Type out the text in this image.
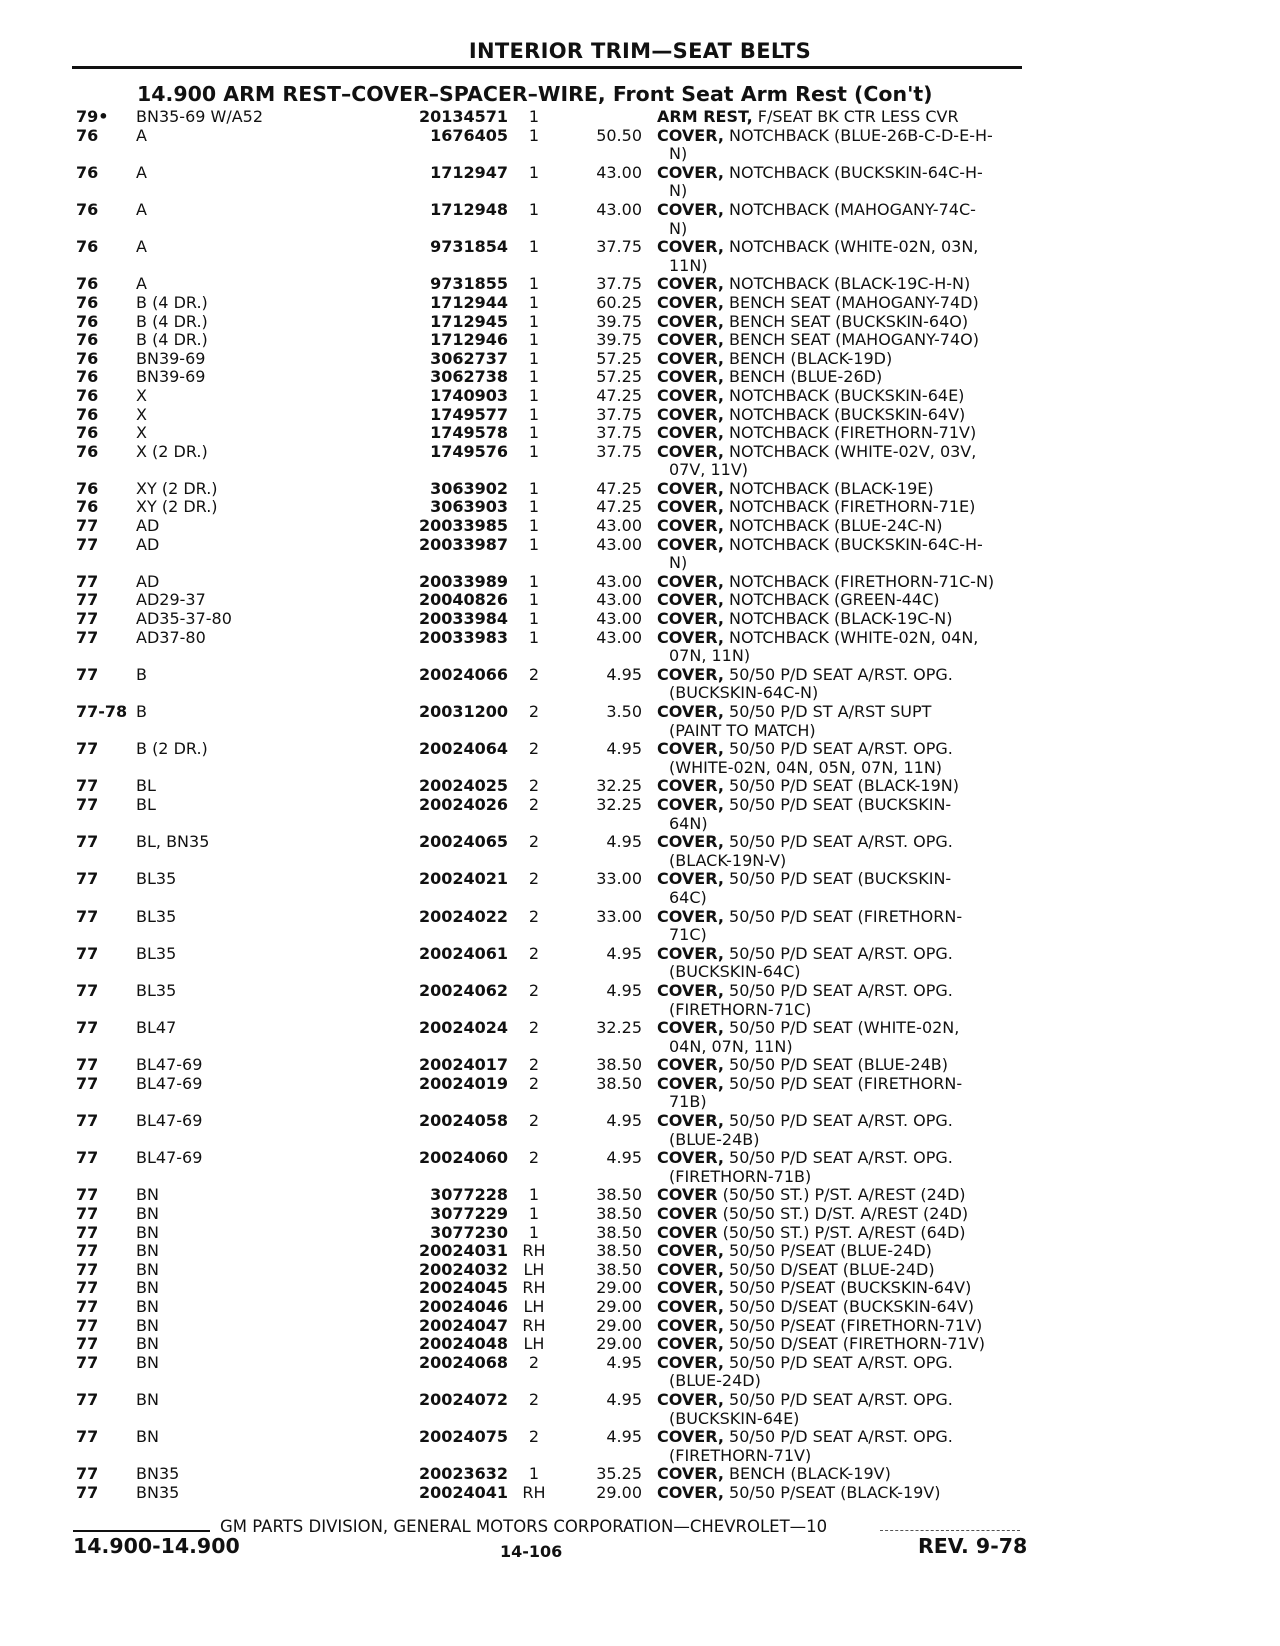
INTERIOR TRIM—SEAT BELTS
14.900 ARM REST–COVER–SPACER–WIRE, Front Seat Arm Rest (Con't)
	79•	BN35-69 W/A52	20134571	1			ARM REST, F/SEAT BK CTR LESS CVR	
	76	A	1676405	1	50.50		COVER, NOTCHBACK (BLUE-26B-C-D-E-H-	
							N)	
	76	A	1712947	1	43.00		COVER, NOTCHBACK (BUCKSKIN-64C-H-	
							N)	
	76	A	1712948	1	43.00		COVER, NOTCHBACK (MAHOGANY-74C-	
							N)	
	76	A	9731854	1	37.75		COVER, NOTCHBACK (WHITE-02N, 03N,	
							11N)	
	76	A	9731855	1	37.75		COVER, NOTCHBACK (BLACK-19C-H-N)	
	76	B (4 DR.)	1712944	1	60.25		COVER, BENCH SEAT (MAHOGANY-74D)	
	76	B (4 DR.)	1712945	1	39.75		COVER, BENCH SEAT (BUCKSKIN-64O)	
	76	B (4 DR.)	1712946	1	39.75		COVER, BENCH SEAT (MAHOGANY-74O)	
	76	BN39-69	3062737	1	57.25		COVER, BENCH (BLACK-19D)	
	76	BN39-69	3062738	1	57.25		COVER, BENCH (BLUE-26D)	
	76	X	1740903	1	47.25		COVER, NOTCHBACK (BUCKSKIN-64E)	
	76	X	1749577	1	37.75		COVER, NOTCHBACK (BUCKSKIN-64V)	
	76	X	1749578	1	37.75		COVER, NOTCHBACK (FIRETHORN-71V)	
	76	X (2 DR.)	1749576	1	37.75		COVER, NOTCHBACK (WHITE-02V, 03V,	
							07V, 11V)	
	76	XY (2 DR.)	3063902	1	47.25		COVER, NOTCHBACK (BLACK-19E)	
	76	XY (2 DR.)	3063903	1	47.25		COVER, NOTCHBACK (FIRETHORN-71E)	
	77	AD	20033985	1	43.00		COVER, NOTCHBACK (BLUE-24C-N)	
	77	AD	20033987	1	43.00		COVER, NOTCHBACK (BUCKSKIN-64C-H-	
							N)	
	77	AD	20033989	1	43.00		COVER, NOTCHBACK (FIRETHORN-71C-N)	
	77	AD29-37	20040826	1	43.00		COVER, NOTCHBACK (GREEN-44C)	
	77	AD35-37-80	20033984	1	43.00		COVER, NOTCHBACK (BLACK-19C-N)	
	77	AD37-80	20033983	1	43.00		COVER, NOTCHBACK (WHITE-02N, 04N,	
							07N, 11N)	
	77	B	20024066	2	4.95		COVER, 50/50 P/D SEAT A/RST. OPG.	
							(BUCKSKIN-64C-N)	
	77-78	B	20031200	2	3.50		COVER, 50/50 P/D ST A/RST SUPT	
							(PAINT TO MATCH)	
	77	B (2 DR.)	20024064	2	4.95		COVER, 50/50 P/D SEAT A/RST. OPG.	
							(WHITE-02N, 04N, 05N, 07N, 11N)	
	77	BL	20024025	2	32.25		COVER, 50/50 P/D SEAT (BLACK-19N)	
	77	BL	20024026	2	32.25		COVER, 50/50 P/D SEAT (BUCKSKIN-	
							64N)	
	77	BL, BN35	20024065	2	4.95		COVER, 50/50 P/D SEAT A/RST. OPG.	
							(BLACK-19N-V)	
	77	BL35	20024021	2	33.00		COVER, 50/50 P/D SEAT (BUCKSKIN-	
							64C)	
	77	BL35	20024022	2	33.00		COVER, 50/50 P/D SEAT (FIRETHORN-	
							71C)	
	77	BL35	20024061	2	4.95		COVER, 50/50 P/D SEAT A/RST. OPG.	
							(BUCKSKIN-64C)	
	77	BL35	20024062	2	4.95		COVER, 50/50 P/D SEAT A/RST. OPG.	
							(FIRETHORN-71C)	
	77	BL47	20024024	2	32.25		COVER, 50/50 P/D SEAT (WHITE-02N,	
							04N, 07N, 11N)	
	77	BL47-69	20024017	2	38.50		COVER, 50/50 P/D SEAT (BLUE-24B)	
	77	BL47-69	20024019	2	38.50		COVER, 50/50 P/D SEAT (FIRETHORN-	
							71B)	
	77	BL47-69	20024058	2	4.95		COVER, 50/50 P/D SEAT A/RST. OPG.	
							(BLUE-24B)	
	77	BL47-69	20024060	2	4.95		COVER, 50/50 P/D SEAT A/RST. OPG.	
							(FIRETHORN-71B)	
	77	BN	3077228	1	38.50		COVER (50/50 ST.) P/ST. A/REST (24D)	
	77	BN	3077229	1	38.50		COVER (50/50 ST.) D/ST. A/REST (24D)	
	77	BN	3077230	1	38.50		COVER (50/50 ST.) P/ST. A/REST (64D)	
	77	BN	20024031	RH	38.50		COVER, 50/50 P/SEAT (BLUE-24D)	
	77	BN	20024032	LH	38.50		COVER, 50/50 D/SEAT (BLUE-24D)	
	77	BN	20024045	RH	29.00		COVER, 50/50 P/SEAT (BUCKSKIN-64V)	
	77	BN	20024046	LH	29.00		COVER, 50/50 D/SEAT (BUCKSKIN-64V)	
	77	BN	20024047	RH	29.00		COVER, 50/50 P/SEAT (FIRETHORN-71V)	
	77	BN	20024048	LH	29.00		COVER, 50/50 D/SEAT (FIRETHORN-71V)	
	77	BN	20024068	2	4.95		COVER, 50/50 P/D SEAT A/RST. OPG.	
							(BLUE-24D)	
	77	BN	20024072	2	4.95		COVER, 50/50 P/D SEAT A/RST. OPG.	
							(BUCKSKIN-64E)	
	77	BN	20024075	2	4.95		COVER, 50/50 P/D SEAT A/RST. OPG.	
							(FIRETHORN-71V)	
	77	BN35	20023632	1	35.25		COVER, BENCH (BLACK-19V)	
	77	BN35	20024041	RH	29.00		COVER, 50/50 P/SEAT (BLACK-19V)	
GM PARTS DIVISION, GENERAL MOTORS CORPORATION—CHEVROLET—10
14.900-14.900	14-106	REV. 9-78
